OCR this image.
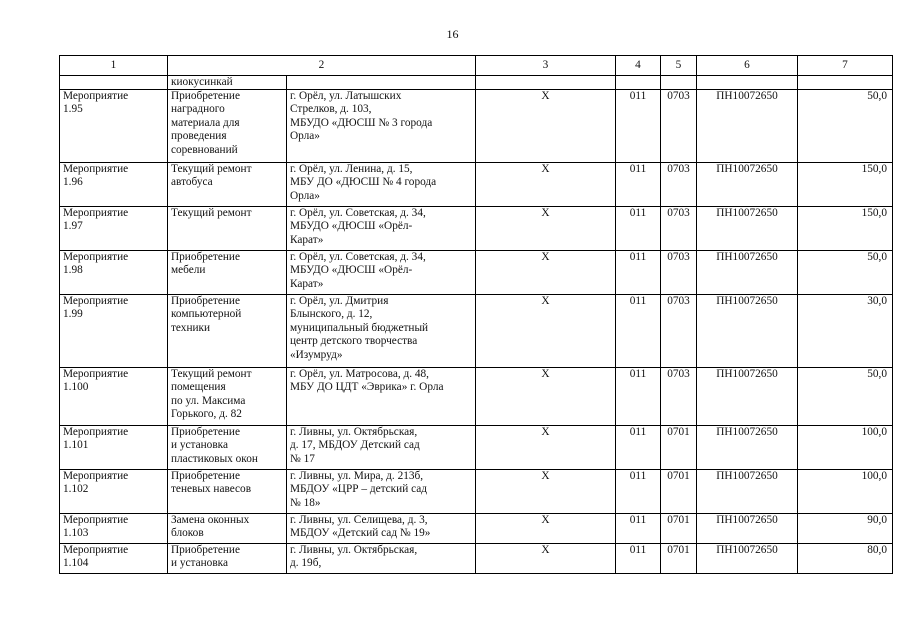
16
1	2		3	4	5	6	7
	киокусинкай						
Мероприятие
1.95	Приобретение
наградного
материала для
проведения
соревнований	г. Орёл, ул. Латышских
Стрелков, д. 103,
МБУДО «ДЮСШ № 3 города
Орла»	Х	011	0703	ПН10072650	50,0
Мероприятие
1.96	Текущий ремонт
автобуса	г. Орёл, ул. Ленина, д. 15,
МБУ ДО «ДЮСШ № 4 города
Орла»	Х	011	0703	ПН10072650	150,0
Мероприятие
1.97	Текущий ремонт	г. Орёл, ул. Советская, д. 34,
МБУДО «ДЮСШ «Орёл-
Карат»	Х	011	0703	ПН10072650	150,0
Мероприятие
1.98	Приобретение
мебели	г. Орёл, ул. Советская, д. 34,
МБУДО «ДЮСШ «Орёл-
Карат»	Х	011	0703	ПН10072650	50,0
Мероприятие
1.99	Приобретение
компьютерной
техники	г. Орёл, ул. Дмитрия
Блынского, д. 12,
муниципальный бюджетный
центр детского творчества
«Изумруд»	Х	011	0703	ПН10072650	30,0
Мероприятие
1.100	Текущий ремонт
помещения
по ул. Максима
Горького, д. 82	г. Орёл, ул. Матросова, д. 48,
МБУ ДО ЦДТ «Эврика» г. Орла	Х	011	0703	ПН10072650	50,0
Мероприятие
1.101	Приобретение
и установка
пластиковых окон	г. Ливны, ул. Октябрьская,
д. 17, МБДОУ Детский сад
№ 17	Х	011	0701	ПН10072650	100,0
Мероприятие
1.102	Приобретение
теневых навесов	г. Ливны, ул. Мира, д. 213б,
МБДОУ «ЦРР – детский сад
№ 18»	Х	011	0701	ПН10072650	100,0
Мероприятие
1.103	Замена оконных
блоков	г. Ливны, ул. Селищева, д. 3,
МБДОУ «Детский сад № 19»	Х	011	0701	ПН10072650	90,0
Мероприятие
1.104	Приобретение
и установка	г. Ливны, ул. Октябрьская,
д. 19б,	Х	011	0701	ПН10072650	80,0
